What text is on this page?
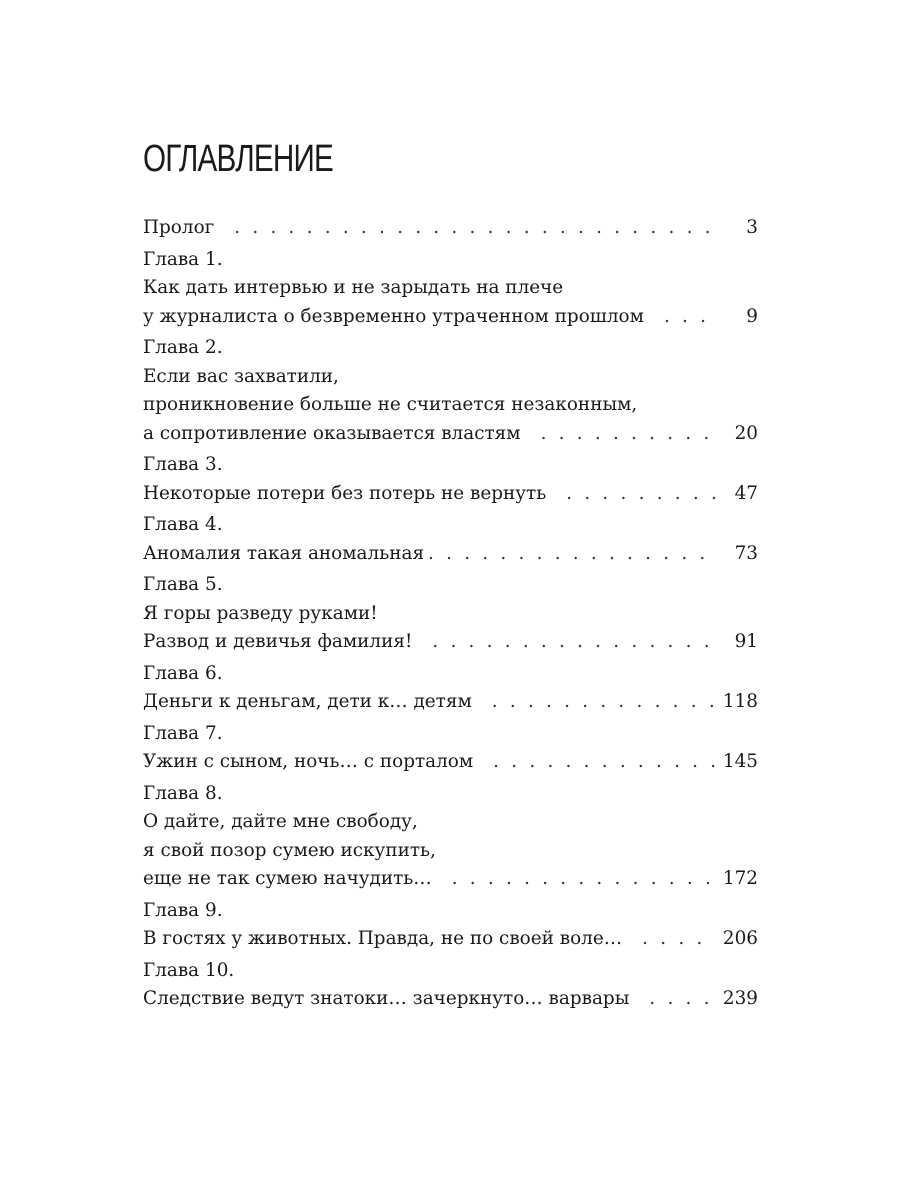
ОГЛАВЛЕНИЕ
Пролог . . .	3
Глава 1.
Как дать интервью и не зарыдать на плече
у журналиста о безвременно утраченном прошлом . . .	9
Глава 2.
Если вас захватили,
проникновение больше не считается незаконным,
а сопротивление оказывается властям . . .	20
Глава 3.
Некоторые потери без потерь не вернуть . . .	47
Глава 4.
Аномалия такая аномальная . . .	73
Глава 5.
Я горы разведу руками!
Развод и девичья фамилия! . . .	91
Глава 6.
Деньги к деньгам, дети к… детям . . .	118
Глава 7.
Ужин с сыном, ночь… с порталом . . .	145
Глава 8.
О дайте, дайте мне свободу,
я свой позор сумею искупить,
еще не так сумею начудить… . . .	172
Глава 9.
В гостях у животных. Правда, не по своей воле… . . .	206
Глава 10.
Следствие ведут знатоки… зачеркнуто… варвары . . .	239
